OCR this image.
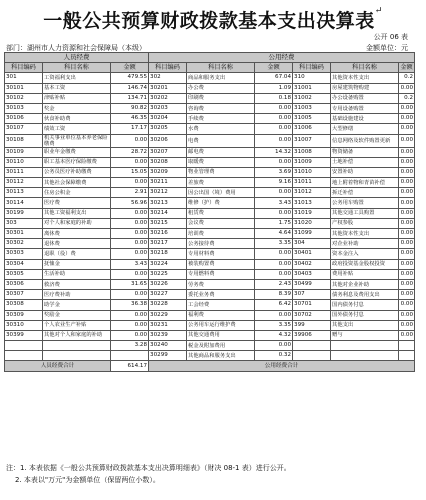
一般公共预算财政拨款基本支出决算表↵
公开 06 表
部门：湖州市人力资源和社会保障局（本级）	金额单位：元
人员经费			公用经费					
科目编码	科目名称	金额	科目编码	科目名称	金额	科目编码	科目名称	金额
301	工资福利支出	479.55	302	商品和服务支出	67.04	310	其他资本性支出	0.2
30101	基本工资	146.74	30201	办公费	1.09	31001	房屋建筑物购建	0.00
30102	津贴补贴	134.71	30202	印刷费	0.18	31002	办公设备购置	0.2
30103	奖金	90.82	30203	咨询费	0.00	31003	专用设备购置	0.00
30106	伙食补助费	46.35	30204	手续费	0.00	31005	基础设施建设	0.00
30107	绩效工资	17.17	30205	水费	0.00	31006	大型修缮	0.00
30108	机关事业单位基本养老保险缴费	0.00	30206	电费	0.00	31007	信息网络及软件购置更新	0.00
30109	职业年金缴费	28.72	30207	邮电费	14.32	31008	物资储备	0.00
30110	职工基本医疗保险缴费	0.00	30208	取暖费	0.00	31009	土地补偿	0.00
30111	公务员医疗补助缴费	15.05	30209	物业管理费	3.69	31010	安置补助	0.00
30112	其他社会保障缴费	0.00	30211	差旅费	9.16	31011	地上附着物和青苗补偿	0.00
30113	住房公积金	2.91	30212	因公出国（境）费用	0.00	31012	拆迁补偿	0.00
30114	医疗费	56.96	30213	维修（护）费	3.43	31013	公务用车购置	0.00
30199	其他工资福利支出	0.00	30214	租赁费	0.00	31019	其他交通工具购置	0.00
303	对个人和家庭的补助	0.00	30215	会议费	1.75	31020	产权参股	0.00
30301	离休费	0.00	30216	培训费	4.64	31099	其他资本性支出	0.00
30302	退休费	0.00	30217	公务接待费	3.35	304	对企业补助	0.00
30303	退职（役）费	0.00	30218	专用材料费	0.00	30401	资本金注入	0.00
30304	抚恤金	3.43	30224	被装购置费	0.00	30402	政府投资基金股权投资	0.00
30305	生活补助	0.00	30225	专用燃料费	0.00	30403	费用补贴	0.00
30306	救济费	31.65	30226	劳务费	2.43	30499	其他对企业补助	0.00
30307	医疗费补助	0.00	30227	委托业务费	8.39	307	债务利息及费用支出	0.00
30308	助学金	36.38	30228	工会经费	6.42	30701	国内债务付息	0.00
30309	奖励金	0.00	30229	福利费	0.00	30702	国外债务付息	0.00
30310	个人农业生产补贴	0.00	30231	公务用车运行维护费	3.35	399	其他支出	0.00
30399	其他对个人和家庭的补助	0.00	30239	其他交通费用	4.32	39906	赠与	0.00
		3.28	30240	税金及附加费用	0.00			
			30299	其他商品和服务支出	0.32			
人员经费合计		614.17	公用经费合计					
注：1. 本表依据《一般公共预算财政拨款基本支出决算明细表》（财决 08-1 表）进行公开。
2. 本表以"万元"为金额单位（保留两位小数）。
